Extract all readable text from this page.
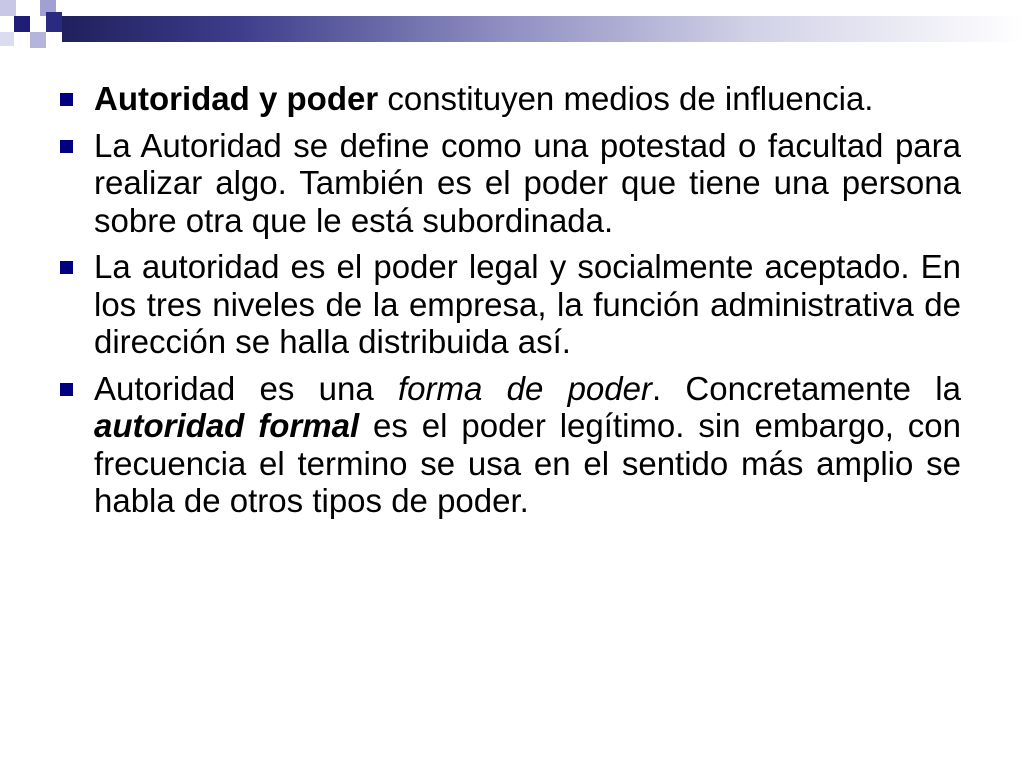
Autoridad y poder constituyen medios de influencia.
La Autoridad se define como una potestad o facultad para realizar algo. También es el poder que tiene una persona sobre otra que le está subordinada.
La autoridad es el poder legal y socialmente aceptado. En los tres niveles de la empresa, la función administrativa de dirección se halla distribuida así.
Autoridad es una forma de poder. Concretamente la autoridad formal es el poder legítimo. sin embargo, con frecuencia el termino se usa en el sentido más amplio se habla de otros tipos de poder.
